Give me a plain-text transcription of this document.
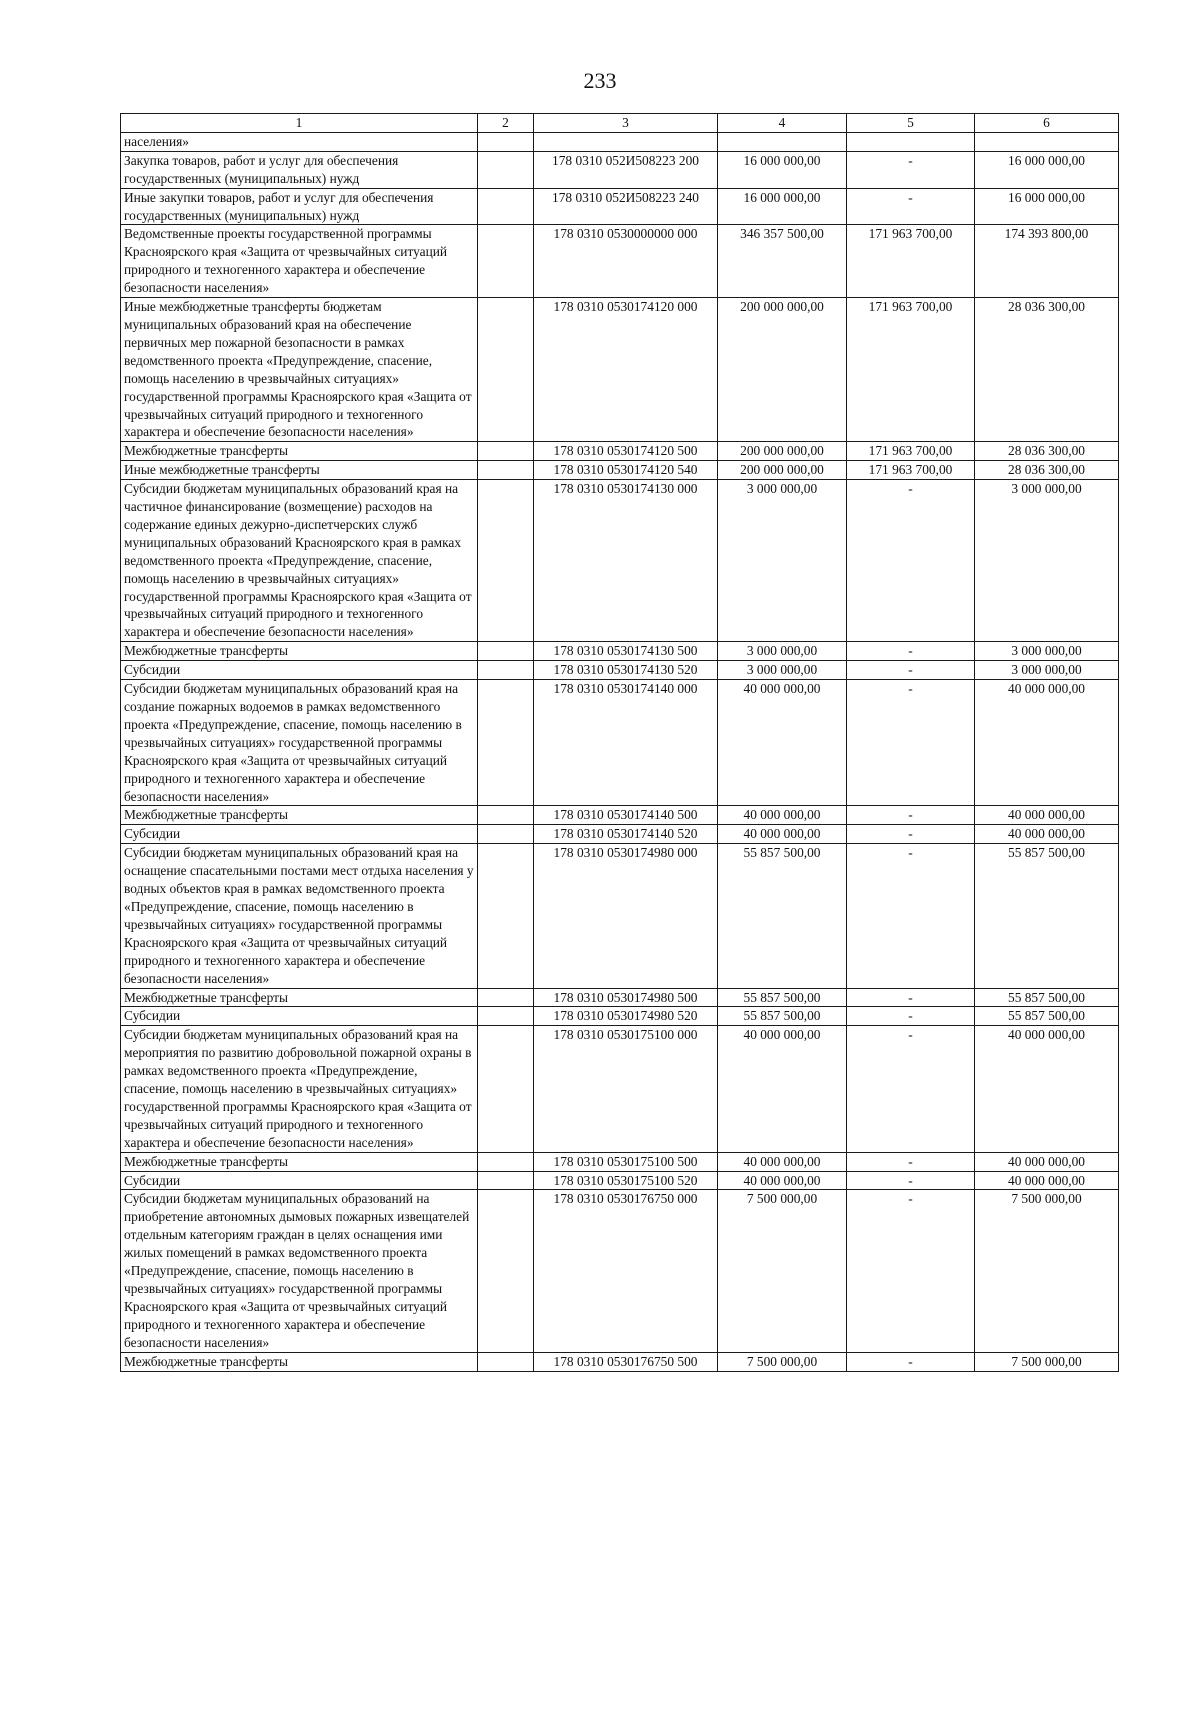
233
1	2	3	4	5	6
населения»					
Закупка товаров, работ и услуг для обеспечения государственных (муниципальных) нужд		178 0310 052И508223 200	16 000 000,00	-	16 000 000,00
Иные закупки товаров, работ и услуг для обеспечения государственных (муниципальных) нужд		178 0310 052И508223 240	16 000 000,00	-	16 000 000,00
Ведомственные проекты государственной программы Красноярского края «Защита от чрезвычайных ситуаций природного и техногенного характера и обеспечение безопасности населения»		178 0310 0530000000 000	346 357 500,00	171 963 700,00	174 393 800,00
Иные межбюджетные трансферты бюджетам муниципальных образований края на обеспечение первичных мер пожарной безопасности в рамках ведомственного проекта «Предупреждение, спасение, помощь населению в чрезвычайных ситуациях» государственной программы Красноярского края «Защита от чрезвычайных ситуаций природного и техногенного характера и обеспечение безопасности населения»		178 0310 0530174120 000	200 000 000,00	171 963 700,00	28 036 300,00
Межбюджетные трансферты		178 0310 0530174120 500	200 000 000,00	171 963 700,00	28 036 300,00
Иные межбюджетные трансферты		178 0310 0530174120 540	200 000 000,00	171 963 700,00	28 036 300,00
Субсидии бюджетам муниципальных образований края на частичное финансирование (возмещение) расходов на содержание единых дежурно-диспетчерских служб муниципальных образований Красноярского края в рамках ведомственного проекта «Предупреждение, спасение, помощь населению в чрезвычайных ситуациях» государственной программы Красноярского края «Защита от чрезвычайных ситуаций природного и техногенного характера и обеспечение безопасности населения»		178 0310 0530174130 000	3 000 000,00	-	3 000 000,00
Межбюджетные трансферты		178 0310 0530174130 500	3 000 000,00	-	3 000 000,00
Субсидии		178 0310 0530174130 520	3 000 000,00	-	3 000 000,00
Субсидии бюджетам муниципальных образований края на создание пожарных водоемов в рамках ведомственного проекта «Предупреждение, спасение, помощь населению в чрезвычайных ситуациях» государственной программы Красноярского края «Защита от чрезвычайных ситуаций природного и техногенного характера и обеспечение безопасности населения»		178 0310 0530174140 000	40 000 000,00	-	40 000 000,00
Межбюджетные трансферты		178 0310 0530174140 500	40 000 000,00	-	40 000 000,00
Субсидии		178 0310 0530174140 520	40 000 000,00	-	40 000 000,00
Субсидии бюджетам муниципальных образований края на оснащение спасательными постами мест отдыха населения у водных объектов края в рамках ведомственного проекта «Предупреждение, спасение, помощь населению в чрезвычайных ситуациях» государственной программы Красноярского края «Защита от чрезвычайных ситуаций природного и техногенного характера и обеспечение безопасности населения»		178 0310 0530174980 000	55 857 500,00	-	55 857 500,00
Межбюджетные трансферты		178 0310 0530174980 500	55 857 500,00	-	55 857 500,00
Субсидии		178 0310 0530174980 520	55 857 500,00	-	55 857 500,00
Субсидии бюджетам муниципальных образований края на мероприятия по развитию добровольной пожарной охраны в рамках ведомственного проекта «Предупреждение, спасение, помощь населению в чрезвычайных ситуациях» государственной программы Красноярского края «Защита от чрезвычайных ситуаций природного и техногенного характера и обеспечение безопасности населения»		178 0310 0530175100 000	40 000 000,00	-	40 000 000,00
Межбюджетные трансферты		178 0310 0530175100 500	40 000 000,00	-	40 000 000,00
Субсидии		178 0310 0530175100 520	40 000 000,00	-	40 000 000,00
Субсидии бюджетам муниципальных образований на приобретение автономных дымовых пожарных извещателей отдельным категориям граждан в целях оснащения ими жилых помещений в рамках ведомственного проекта «Предупреждение, спасение, помощь населению в чрезвычайных ситуациях» государственной программы Красноярского края «Защита от чрезвычайных ситуаций природного и техногенного характера и обеспечение безопасности населения»		178 0310 0530176750 000	7 500 000,00	-	7 500 000,00
Межбюджетные трансферты		178 0310 0530176750 500	7 500 000,00	-	7 500 000,00
